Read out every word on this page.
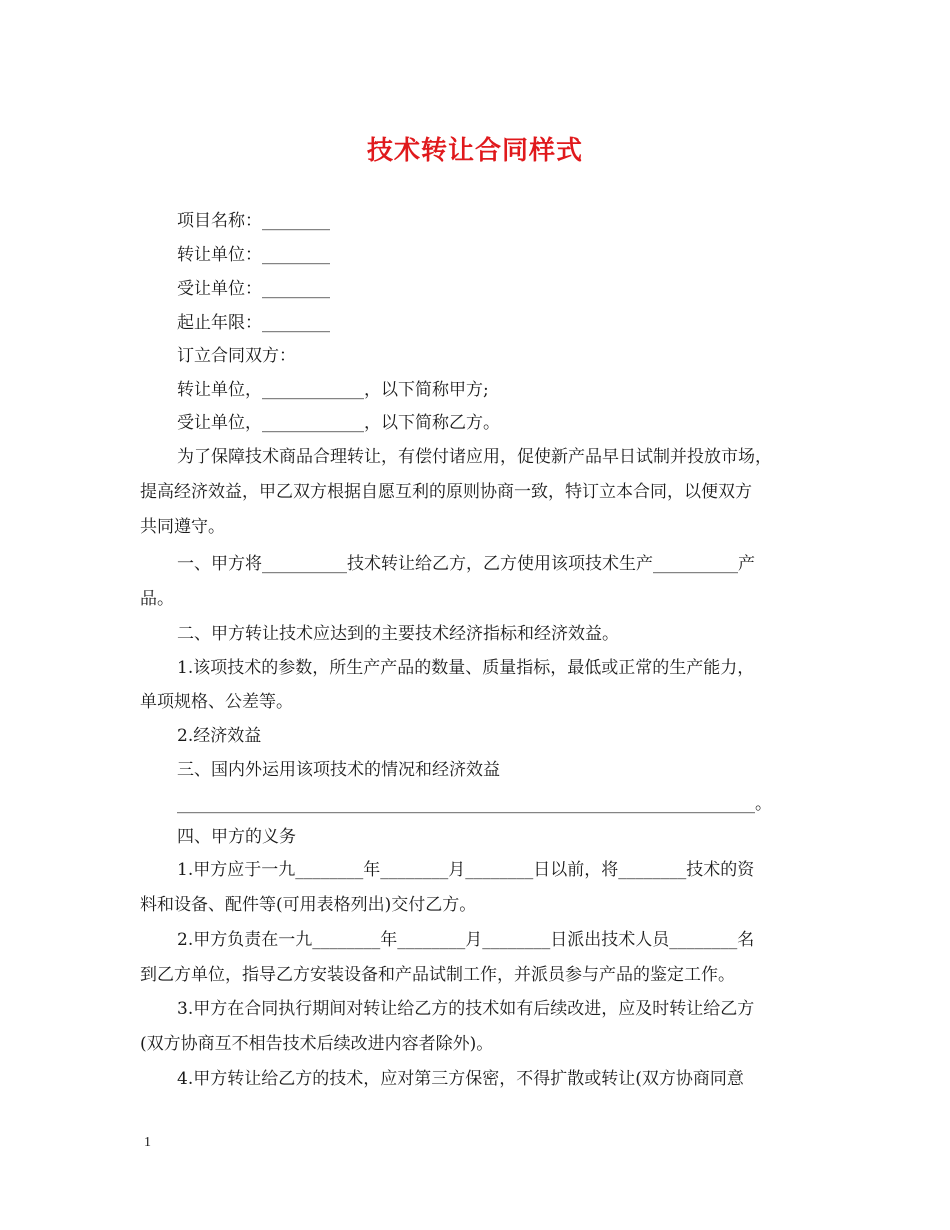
技术转让合同样式
项目名称：________
转让单位：________
受让单位：________
起止年限：________
订立合同双方：
转让单位，____________，以下简称甲方;
受让单位，____________，以下简称乙方。
为了保障技术商品合理转让，有偿付诸应用，促使新产品早日试制并投放市场，
提高经济效益，甲乙双方根据自愿互利的原则协商一致，特订立本合同，以便双方
共同遵守。
一、甲方将__________技术转让给乙方，乙方使用该项技术生产__________产
品。
二、甲方转让技术应达到的主要技术经济指标和经济效益。
1.该项技术的参数，所生产产品的数量、质量指标，最低或正常的生产能力，
单项规格、公差等。
2.经济效益
三、国内外运用该项技术的情况和经济效益
____________________________________________________________________。
四、甲方的义务
1.甲方应于一九________年________月________日以前，将________技术的资
料和设备、配件等(可用表格列出)交付乙方。
2.甲方负责在一九________年________月________日派出技术人员________名
到乙方单位，指导乙方安装设备和产品试制工作，并派员参与产品的鉴定工作。
3.甲方在合同执行期间对转让给乙方的技术如有后续改进，应及时转让给乙方
(双方协商互不相告技术后续改进内容者除外)。
4.甲方转让给乙方的技术，应对第三方保密，不得扩散或转让(双方协商同意
1
